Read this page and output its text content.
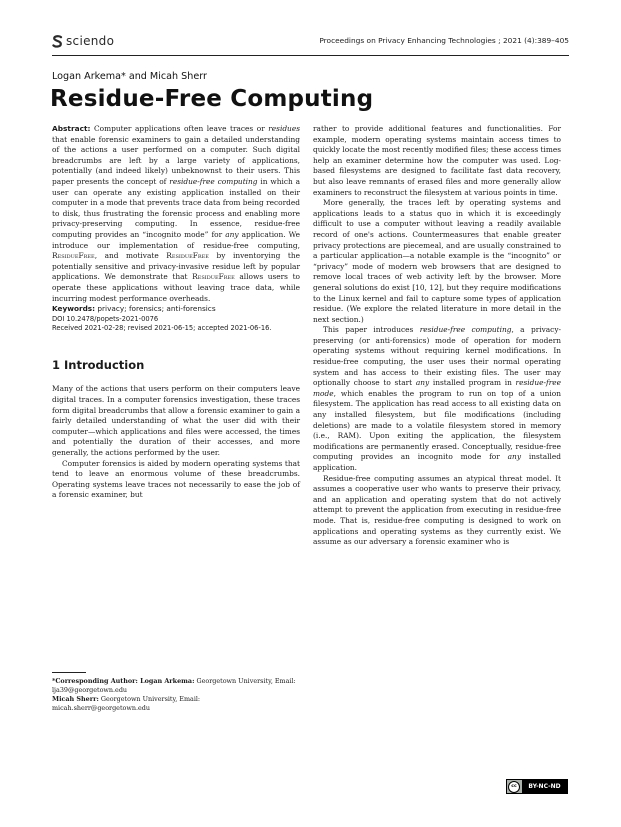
sciendo	Proceedings on Privacy Enhancing Technologies ; 2021 (4):389–405
Logan Arkema* and Micah Sherr
Residue-Free Computing

Abstract: Computer applications often leave traces or residues that enable forensic examiners to gain a detailed understanding of the actions a user performed on a computer. Such digital breadcrumbs are left by a large variety of applications, potentially (and indeed likely) unbeknownst to their users. This paper presents the concept of residue-free computing in which a user can operate any existing application installed on their computer in a mode that prevents trace data from being recorded to disk, thus frustrating the forensic process and enabling more privacy-preserving computing. In essence, residue-free computing provides an “incognito mode” for any application. We introduce our implementation of residue-free computing, ResidueFree, and motivate ResidueFree by inventorying the potentially sensitive and privacy-invasive residue left by popular applications. We demonstrate that ResidueFree allows users to operate these applications without leaving trace data, while incurring modest performance overheads.

Keywords: privacy; forensics; anti-forensics

DOI 10.2478/popets-2021-0076

Received 2021-02-28; revised 2021-06-15; accepted 2021-06-16.

1 Introduction

Many of the actions that users perform on their computers leave digital traces. In a computer forensics investigation, these traces form digital breadcrumbs that allow a forensic examiner to gain a fairly detailed understanding of what the user did with their computer—which applications and files were accessed, the times and potentially the duration of their accesses, and more generally, the actions performed by the user.

Computer forensics is aided by modern operating systems that tend to leave an enormous volume of these breadcrumbs. Operating systems leave traces not necessarily to ease the job of a forensic examiner, but

rather to provide additional features and functionalities. For example, modern operating systems maintain access times to quickly locate the most recently modified files; these access times help an examiner determine how the computer was used. Log-based filesystems are designed to facilitate fast data recovery, but also leave remnants of erased files and more generally allow examiners to reconstruct the filesystem at various points in time.

More generally, the traces left by operating systems and applications leads to a status quo in which it is exceedingly difficult to use a computer without leaving a readily available record of one's actions. Countermeasures that enable greater privacy protections are piecemeal, and are usually constrained to a particular application—a notable example is the “incognito” or “privacy” mode of modern web browsers that are designed to remove local traces of web activity left by the browser. More general solutions do exist [10, 12], but they require modifications to the Linux kernel and fail to capture some types of application residue. (We explore the related literature in more detail in the next section.)

This paper introduces residue-free computing, a privacy-preserving (or anti-forensics) mode of operation for modern operating systems without requiring kernel modifications. In residue-free computing, the user uses their normal operating system and has access to their existing files. The user may optionally choose to start any installed program in residue-free mode, which enables the program to run on top of a union filesystem. The application has read access to all existing data on any installed filesystem, but file modifications (including deletions) are made to a volatile filesystem stored in memory (i.e., RAM). Upon exiting the application, the filesystem modifications are permanently erased. Conceptually, residue-free computing provides an incognito mode for any installed application.

Residue-free computing assumes an atypical threat model. It assumes a cooperative user who wants to preserve their privacy, and an application and operating system that do not actively attempt to prevent the application from executing in residue-free mode. That is, residue-free computing is designed to work on applications and operating systems as they currently exist. We assume as our adversary a forensic examiner who is

*Corresponding Author: Logan Arkema: Georgetown University, Email: lja39@georgetown.edu
Micah Sherr: Georgetown University, Email: micah.sherr@georgetown.edu
cc	BY-NC-ND
